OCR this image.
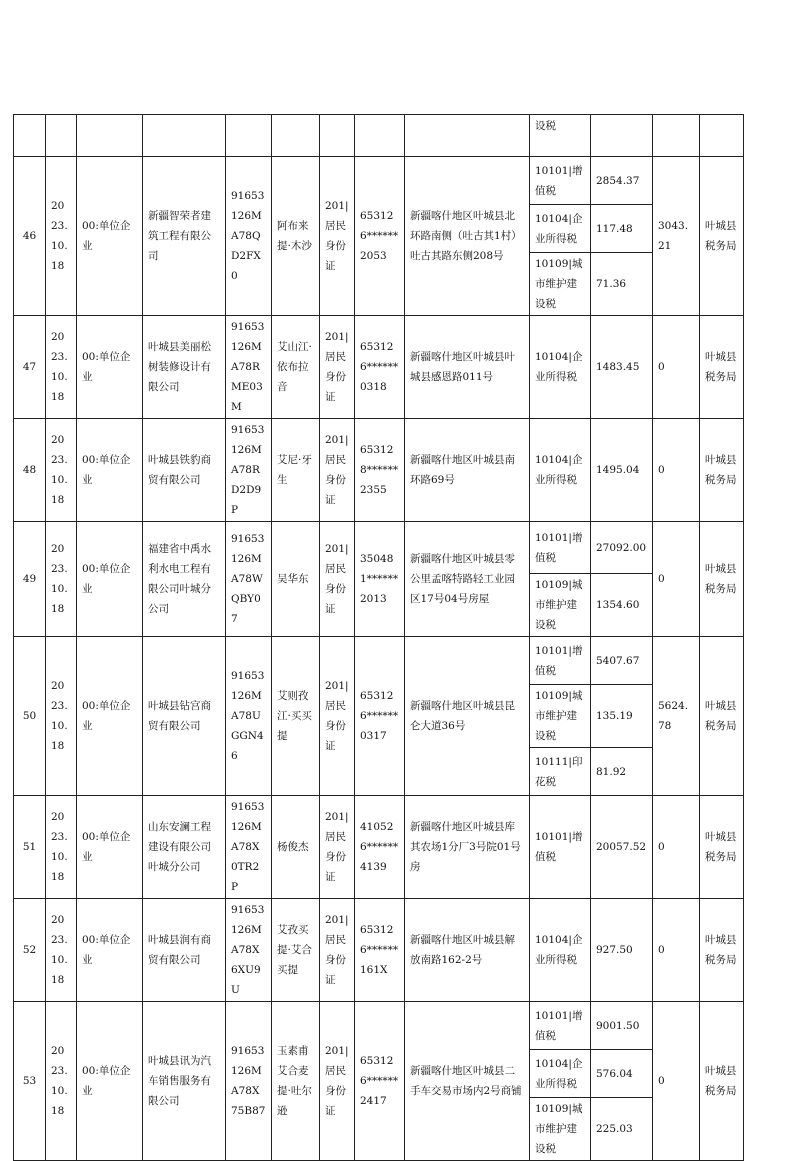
									设税			
46	2023.10.18	00:单位企业	新疆智荣者建筑工程有限公司	91653126MA78QD2FX0	阿布来提·木沙	201|居民身份证	653126******2053	新疆喀什地区叶城县北环路南侧（吐古其1村）吐古其路东侧208号	10101|增值税	2854.37	3043.21	叶城县税务局
									10104|企业所得税	117.48		
									10109|城市维护建设税	71.36		
47	2023.10.18	00:单位企业	叶城县美丽松树装修设计有限公司	91653126MA78RME03M	艾山江·依布拉音	201|居民身份证	653126******0318	新疆喀什地区叶城县叶城县感恩路011号	10104|企业所得税	1483.45	0	叶城县税务局
48	2023.10.18	00:单位企业	叶城县铁豹商贸有限公司	91653126MA78RD2D9P	艾尼·牙生	201|居民身份证	653128******2355	新疆喀什地区叶城县南环路69号	10104|企业所得税	1495.04	0	叶城县税务局
49	2023.10.18	00:单位企业	福建省中禹水利水电工程有限公司叶城分公司	91653126MA78WQBY07	吴华东	201|居民身份证	350481******2013	新疆喀什地区叶城县零公里孟喀特路轻工业园区17号04号房屋	10101|增值税	27092.00	0	叶城县税务局
									10109|城市维护建设税	1354.60		
50	2023.10.18	00:单位企业	叶城县钻宫商贸有限公司	91653126MA78UGGN46	艾则孜江·买买提	201|居民身份证	653126******0317	新疆喀什地区叶城县昆仑大道36号	10101|增值税	5407.67	5624.78	叶城县税务局
									10109|城市维护建设税	135.19		
									10111|印花税	81.92		
51	2023.10.18	00:单位企业	山东安澜工程建设有限公司叶城分公司	91653126MA78X0TR2P	杨俊杰	201|居民身份证	410526******4139	新疆喀什地区叶城县库其农场1分厂3号院01号房	10101|增值税	20057.52	0	叶城县税务局
52	2023.10.18	00:单位企业	叶城县润有商贸有限公司	91653126MA78X6XU9U	艾孜买提·艾合买提	201|居民身份证	653126******161X	新疆喀什地区叶城县解放南路162-2号	10104|企业所得税	927.50	0	叶城县税务局
53	2023.10.18	00:单位企业	叶城县讯为汽车销售服务有限公司	91653126MA78X75B87	玉素甫艾合麦提·吐尔逊	201|居民身份证	653126******2417	新疆喀什地区叶城县二手车交易市场内2号商铺	10101|增值税	9001.50	0	叶城县税务局
									10104|企业所得税	576.04		
									10109|城市维护建设税	225.03		
